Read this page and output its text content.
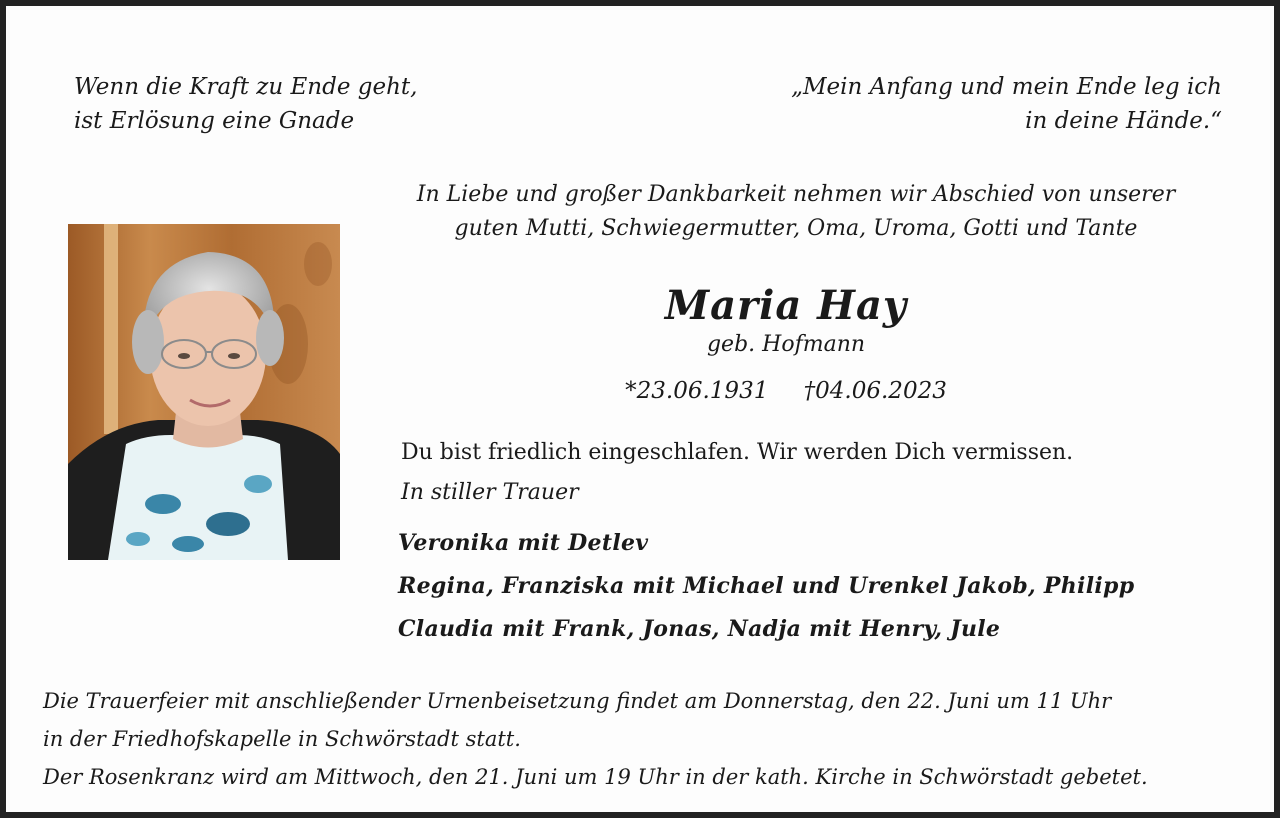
Wenn die Kraft zu Ende geht,
ist Erlösung eine Gnade
„Mein Anfang und mein Ende leg ich
in deine Hände.“
In Liebe und großer Dankbarkeit nehmen wir Abschied von unserer
guten Mutti, Schwiegermutter, Oma, Uroma, Gotti und Tante
Maria Hay
geb. Hofmann
*23.06.1931 †04.06.2023
Du bist friedlich eingeschlafen. Wir werden Dich vermissen.
In stiller Trauer
Veronika mit Detlev
Regina, Franziska mit Michael und Urenkel Jakob, Philipp
Claudia mit Frank, Jonas, Nadja mit Henry, Jule
Die Trauerfeier mit anschließender Urnenbeisetzung findet am Donnerstag, den 22. Juni um 11 Uhr
in der Friedhofskapelle in Schwörstadt statt.
Der Rosenkranz wird am Mittwoch, den 21. Juni um 19 Uhr in der kath. Kirche in Schwörstadt gebetet.
